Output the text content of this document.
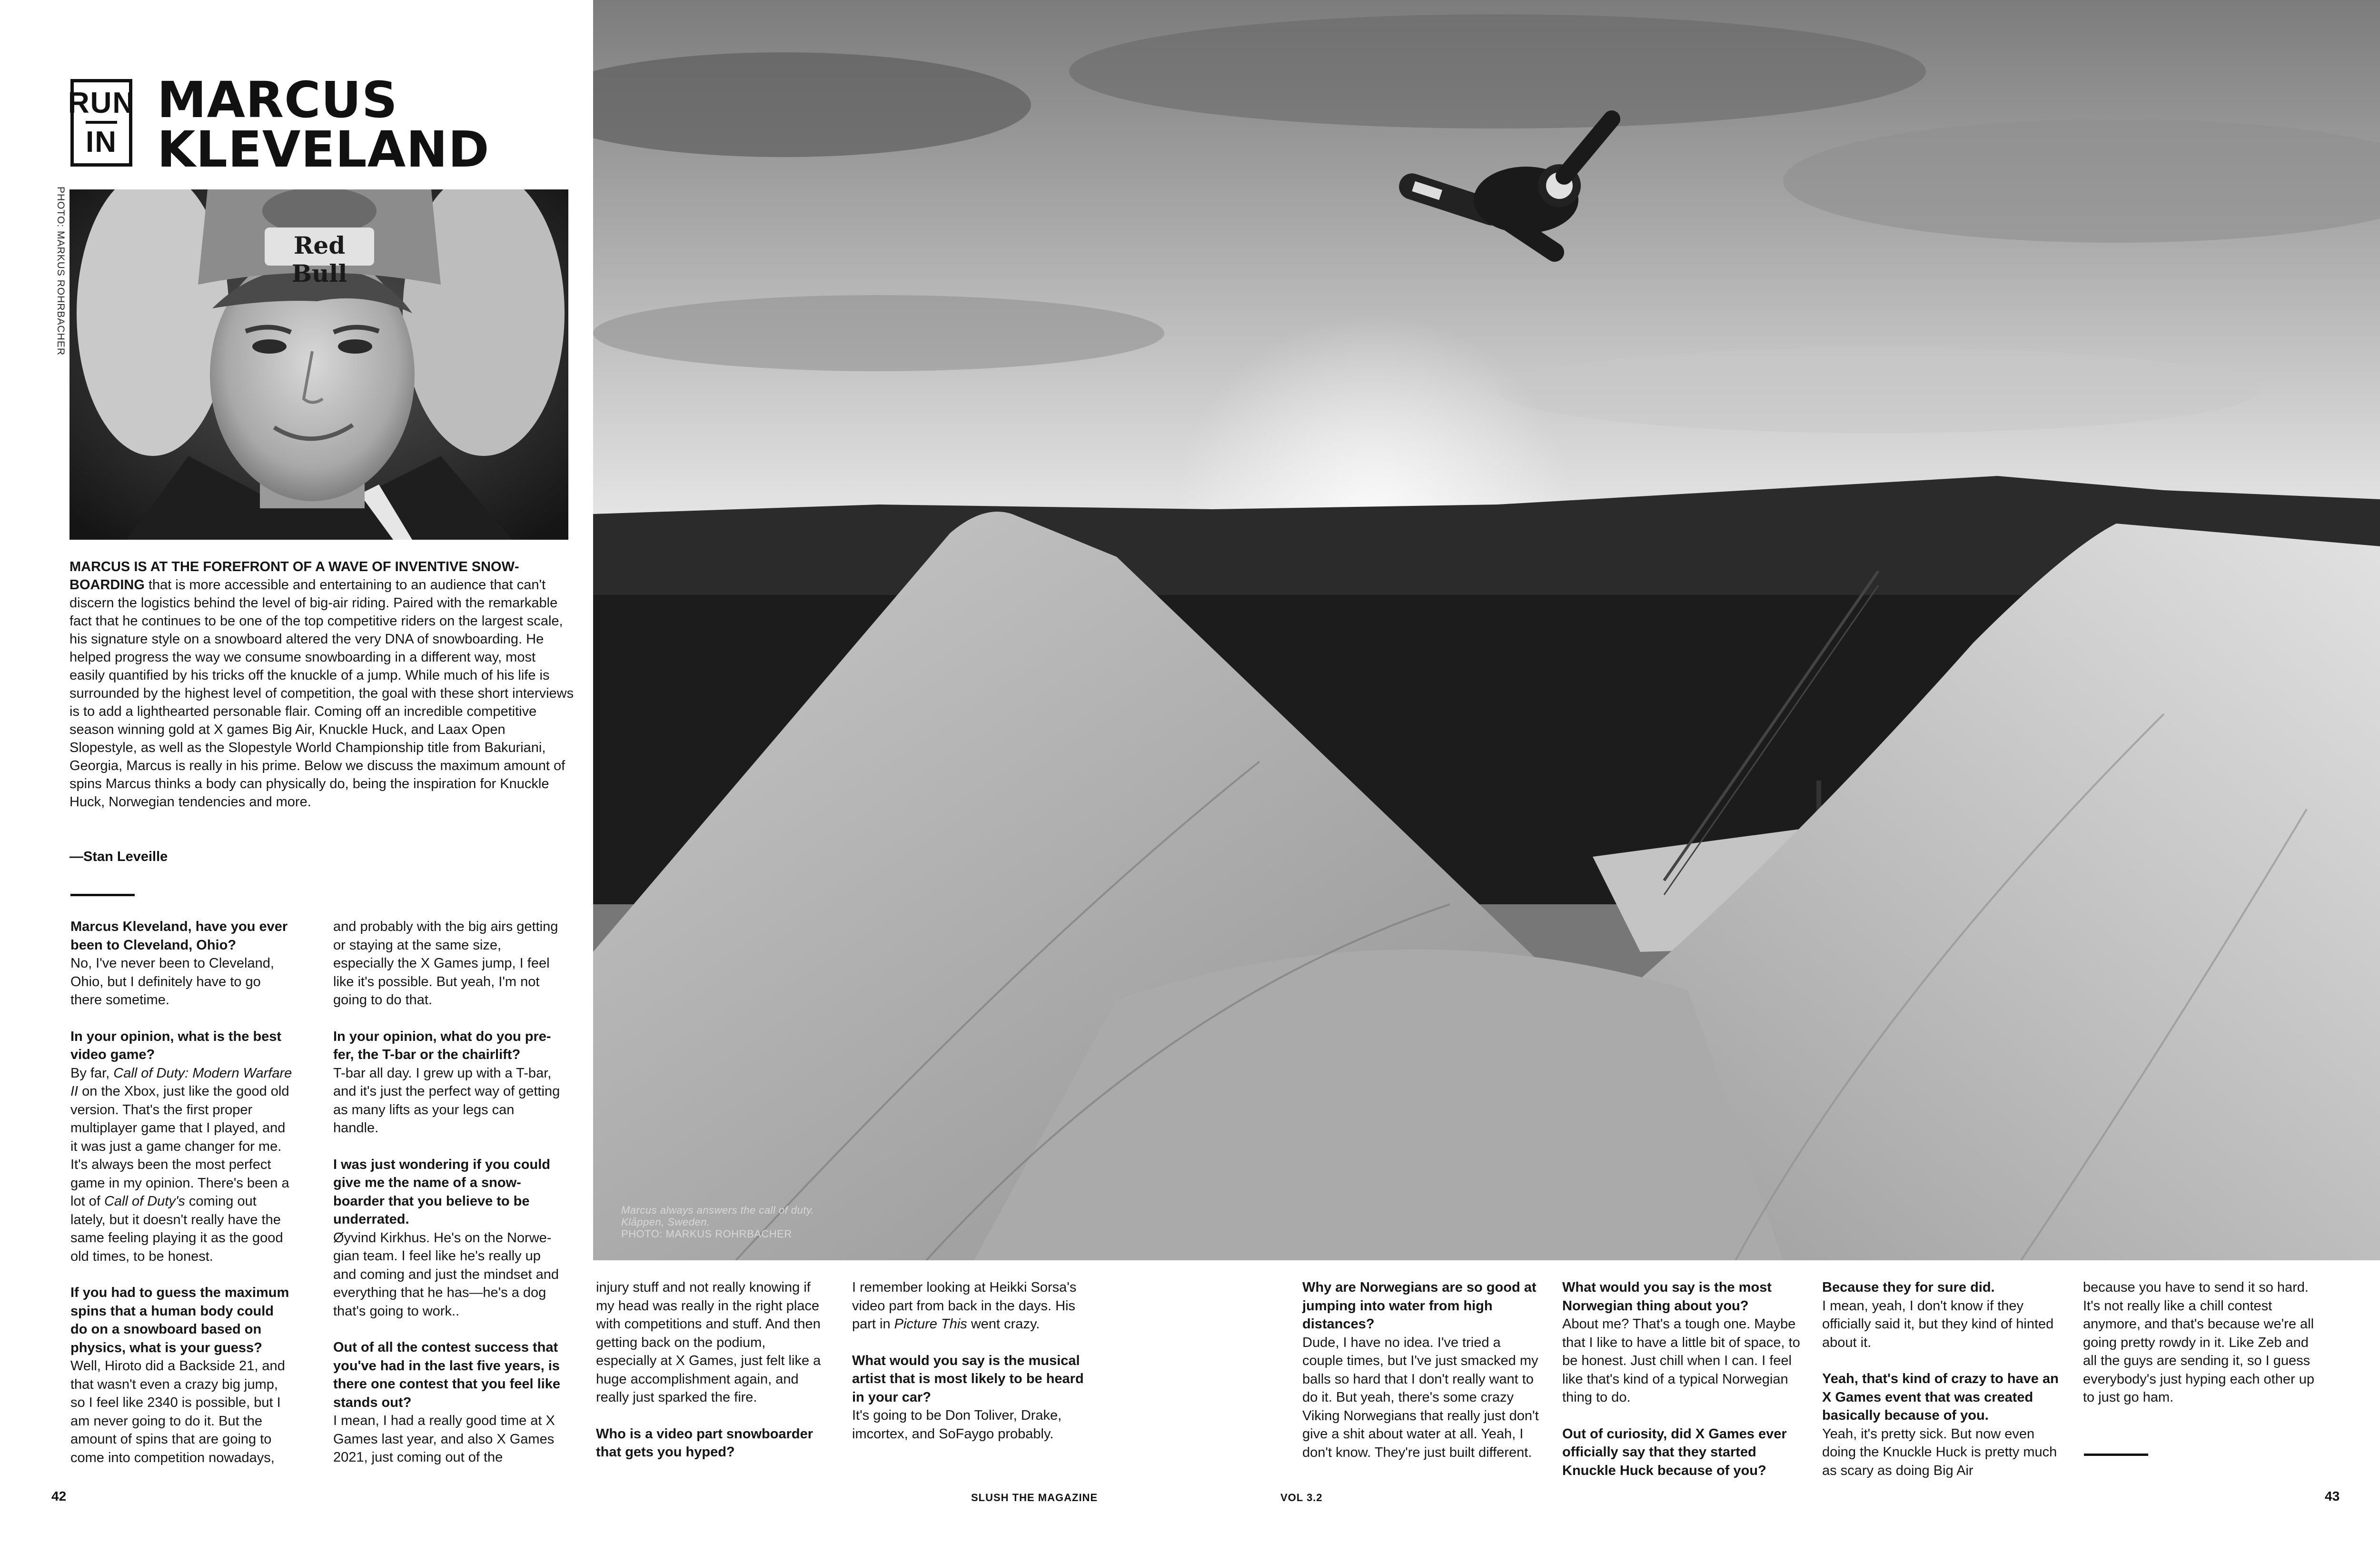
RUN
IN
MARCUS
KLEVELAND
PHOTO: MARKUS ROHRBACHER	Red Bull
MARCUS IS AT THE FOREFRONT OF A WAVE OF INVENTIVE SNOWBOARDING that is more accessible and entertaining to an audience that can't discern the logistics behind the level of big-air riding. Paired with the remarkable fact that he continues to be one of the top competitive riders on the largest scale, his signature style on a snowboard altered the very DNA of snowboarding. He helped progress the way we consume snowboarding in a different way, most easily quantified by his tricks off the knuckle of a jump. While much of his life is surrounded by the highest level of competition, the goal with these short interviews is to add a lighthearted personable flair. Coming off an incredible competitive season winning gold at X games Big Air, Knuckle Huck, and Laax Open Slopestyle, as well as the Slopestyle World Championship title from Bakuriani, Georgia, Marcus is really in his prime. Below we discuss the maximum amount of spins Marcus thinks a body can physically do, being the inspiration for Knuckle Huck, Norwegian tendencies and more.
—Stan Leveille

Marcus Kleveland, have you ever been to Cleveland, Ohio?
No, I've never been to Cleveland, Ohio, but I definitely have to go there sometime.

In your opinion, what is the best video game?
By far, Call of Duty: Modern Warfare II on the Xbox, just like the good old version. That's the first proper multiplayer game that I played, and it was just a game changer for me. It's always been the most perfect game in my opinion. There's been a lot of Call of Duty's coming out lately, but it doesn't really have the same feeling playing it as the good old times, to be honest.

If you had to guess the maximum spins that a human body could do on a snowboard based on physics, what is your guess?
Well, Hiroto did a Backside 21, and that wasn't even a crazy big jump, so I feel like 2340 is possible, but I am never going to do it. But the amount of spins that are going to come into competition nowadays,

and probably with the big airs getting or staying at the same size, especially the X Games jump, I feel like it's possible. But yeah, I'm not going to do that.

In your opinion, what do you prefer, the T-bar or the chairlift?
T-bar all day. I grew up with a T-bar, and it's just the perfect way of getting as many lifts as your legs can handle.

I was just wondering if you could give me the name of a snowboarder that you believe to be underrated.
Øyvind Kirkhus. He's on the Norwegian team. I feel like he's really up and coming and just the mindset and everything that he has—he's a dog that's going to work..

Out of all the contest success that you've had in the last five years, is there one contest that you feel like stands out?
I mean, I had a really good time at X Games last year, and also X Games 2021, just coming out of the

Marcus always answers the call of duty.
Klåppen, Sweden.
PHOTO: MARKUS ROHRBACHER

injury stuff and not really knowing if my head was really in the right place with competitions and stuff. And then getting back on the podium, especially at X Games, just felt like a huge accomplishment again, and really just sparked the fire.

Who is a video part snowboarder that gets you hyped?

I remember looking at Heikki Sorsa's video part from back in the days. His part in Picture This went crazy.

What would you say is the musical artist that is most likely to be heard in your car?
It's going to be Don Toliver, Drake, imcortex, and SoFaygo probably.

Why are Norwegians are so good at jumping into water from high distances?
Dude, I have no idea. I've tried a couple times, but I've just smacked my balls so hard that I don't really want to do it. But yeah, there's some crazy Viking Norwegians that really just don't give a shit about water at all. Yeah, I don't know. They're just built different.

What would you say is the most Norwegian thing about you?
About me? That's a tough one. Maybe that I like to have a little bit of space, to be honest. Just chill when I can. I feel like that's kind of a typical Norwegian thing to do.

Out of curiosity, did X Games ever officially say that they started Knuckle Huck because of you?

Because they for sure did.
I mean, yeah, I don't know if they officially said it, but they kind of hinted about it.

Yeah, that's kind of crazy to have an X Games event that was created basically because of you.
Yeah, it's pretty sick. But now even doing the Knuckle Huck is pretty much as scary as doing Big Air

because you have to send it so hard. It's not really like a chill contest anymore, and that's because we're all going pretty rowdy in it. Like Zeb and all the guys are sending it, so I guess everybody's just hyping each other up to just go ham.

42	SLUSH THE MAGAZINE	VOL 3.2	43
